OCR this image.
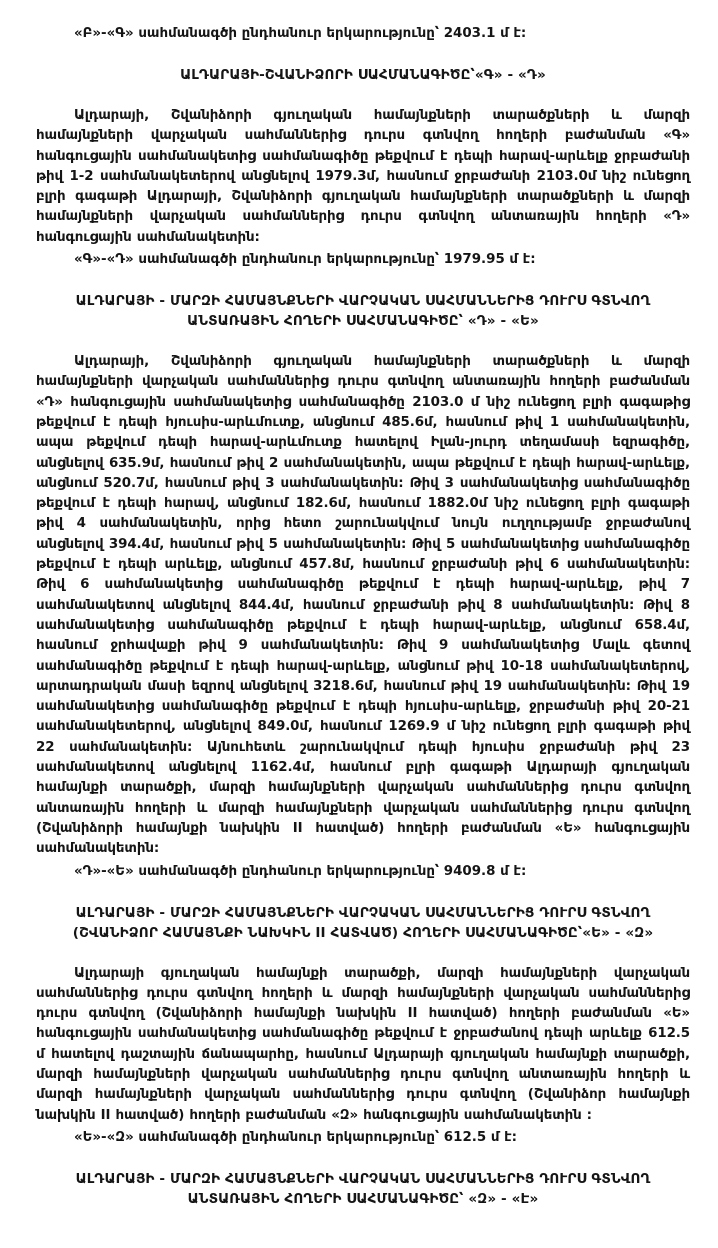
«Բ»-«Գ» սահմանագծի ընդհանուր երկարությունը՝ 2403.1 մ է:

ԱԼԴԱՐԱՅԻ-ՇՎԱՆԻՁՈՐԻ ՍԱՀՄԱՆԱԳԻԾԸ՝«Գ» - «Դ»

Ալդարայի, Շվանիձորի գյուղական համայնքների տարածքների և մարզի համայնքների վարչական սահմաններից դուրս գտնվող հողերի բաժանման «Գ» հանգուցային սահմանակետից սահմանագիծը թեքվում է դեպի հարավ-արևելք ջրբաժանի թիվ 1-2 սահմանակետերով անցնելով 1979.3մ, հասնում ջրբաժանի 2103.0մ նիշ ունեցող բլրի գագաթի Ալդարայի, Շվանիձորի գյուղական համայնքների տարածքների և մարզի համայնքների վարչական սահմաններից դուրս գտնվող անտառային հողերի «Դ» հանգուցային սահմանակետին:

«Գ»-«Դ» սահմանագծի ընդհանուր երկարությունը՝ 1979.95 մ է:

ԱԼԴԱՐԱՅԻ - ՄԱՐԶԻ ՀԱՄԱՅՆՔՆԵՐԻ ՎԱՐՉԱԿԱՆ ՍԱՀՄԱՆՆԵՐԻՑ ԴՈՒՐՍ ԳՏՆՎՈՂ
ԱՆՏԱՌԱՅԻՆ ՀՈՂԵՐԻ ՍԱՀՄԱՆԱԳԻԾԸ՝ «Դ» - «Ե»

Ալդարայի, Շվանիձորի գյուղական համայնքների տարածքների և մարզի համայնքների վարչական սահմաններից դուրս գտնվող անտառային հողերի բաժանման «Դ» հանգուցային սահմանակետից սահմանագիծը 2103.0 մ նիշ ունեցող բլրի գագաթից թեքվում է դեպի հյուսիս-արևմուտք, անցնում 485.6մ, հասնում թիվ 1 սահմանակետին, ապա թեքվում դեպի հարավ-արևմուտք հատելով Իլան-յուրդ տեղամասի եզրագիծը, անցնելով 635.9մ, հասնում թիվ 2 սահմանակետին, ապա թեքվում է դեպի հարավ-արևելք, անցնում 520.7մ, հասնում թիվ 3 սահմանակետին: Թիվ 3 սահմանակետից սահմանագիծը թեքվում է դեպի հարավ, անցնում 182.6մ, հասնում 1882.0մ նիշ ունեցող բլրի գագաթի թիվ 4 սահմանակետին, որից հետո շարունակվում նույն ուղղությամբ ջրբաժանով անցնելով 394.4մ, հասնում թիվ 5 սահմանակետին: Թիվ 5 սահմանակետից սահմանագիծը թեքվում է դեպի արևելք, անցնում 457.8մ, հասնում ջրբաժանի թիվ 6 սահմանակետին: Թիվ 6 սահմանակետից սահմանագիծը թեքվում է դեպի հարավ-արևելք, թիվ 7 սահմանակետով անցնելով 844.4մ, հասնում ջրբաժանի թիվ 8 սահմանակետին: Թիվ 8 սահմանակետից սահմանագիծը թեքվում է դեպի հարավ-արևելք, անցնում 658.4մ, հասնում ջրհավաքի թիվ 9 սահմանակետին: Թիվ 9 սահմանակետից Մալև գետով սահմանագիծը թեքվում է դեպի հարավ-արևելք, անցնում թիվ 10-18 սահմանակետերով, արտադրական մասի եզրով անցնելով 3218.6մ, հասնում թիվ 19 սահմանակետին: Թիվ 19 սահմանակետից սահմանագիծը թեքվում է դեպի հյուսիս-արևելք, ջրբաժանի թիվ 20-21 սահմանակետերով, անցնելով 849.0մ, հասնում 1269.9 մ նիշ ունեցող բլրի գագաթի թիվ 22 սահմանակետին: Այնուհետև շարունակվում դեպի հյուսիս ջրբաժանի թիվ 23 սահմանակետով անցնելով 1162.4մ, հասնում բլրի գագաթի Ալդարայի գյուղական համայնքի տարածքի, մարզի համայնքների վարչական սահմաններից դուրս գտնվող անտառային հողերի և մարզի համայնքների վարչական սահմաններից դուրս գտնվող (Շվանիձորի համայնքի նախկին II հատված) հողերի բաժանման «Ե» հանգուցային սահմանակետին:

«Դ»-«Ե» սահմանագծի ընդհանուր երկարությունը՝ 9409.8 մ է:

ԱԼԴԱՐԱՅԻ - ՄԱՐԶԻ ՀԱՄԱՅՆՔՆԵՐԻ ՎԱՐՉԱԿԱՆ ՍԱՀՄԱՆՆԵՐԻՑ ԴՈՒՐՍ ԳՏՆՎՈՂ
(ՇՎԱՆԻՁՈՐ ՀԱՄԱՅՆՔԻ ՆԱԽԿԻՆ II ՀԱՏՎԱԾ) ՀՈՂԵՐԻ ՍԱՀՄԱՆԱԳԻԾԸ՝«Ե» - «Զ»

Ալդարայի գյուղական համայնքի տարածքի, մարզի համայնքների վարչական սահմաններից դուրս գտնվող հողերի և մարզի համայնքների վարչական սահմաններից դուրս գտնվող (Շվանիձորի համայնքի նախկին II հատված) հողերի բաժանման «Ե» հանգուցային սահմանակետից սահմանագիծը թեքվում է ջրբաժանով դեպի արևելք 612.5 մ հատելով դաշտային ճանապարհը, հասնում Ալդարայի գյուղական համայնքի տարածքի, մարզի համայնքների վարչական սահմաններից դուրս գտնվող անտառային հողերի և մարզի համայնքների վարչական սահմաններից դուրս գտնվող (Շվանիձոր համայնքի նախկին II հատված) հողերի բաժանման «Զ» հանգուցային սահմանակետին :

«Ե»-«Զ» սահմանագծի ընդհանուր երկարությունը՝ 612.5 մ է:

ԱԼԴԱՐԱՅԻ - ՄԱՐԶԻ ՀԱՄԱՅՆՔՆԵՐԻ ՎԱՐՉԱԿԱՆ ՍԱՀՄԱՆՆԵՐԻՑ ԴՈՒՐՍ ԳՏՆՎՈՂ
ԱՆՏԱՌԱՅԻՆ ՀՈՂԵՐԻ ՍԱՀՄԱՆԱԳԻԾԸ՝ «Զ» - «Է»
